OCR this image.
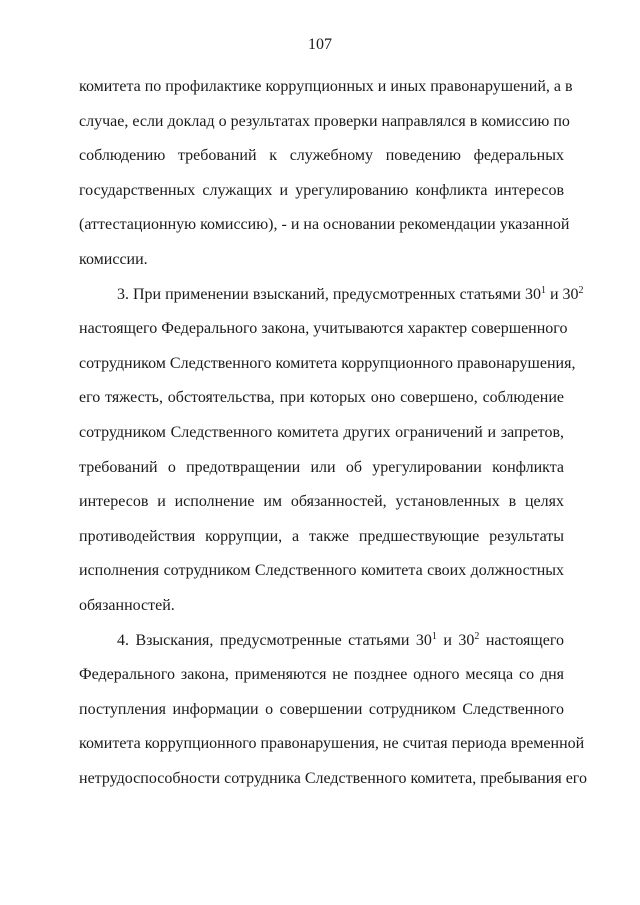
107
комитета по профилактике коррупционных и иных правонарушений, а в
случае, если доклад о результатах проверки направлялся в комиссию по
соблюдению требований к служебному поведению федеральных
государственных служащих и урегулированию конфликта интересов
(аттестационную комиссию), - и на основании рекомендации указанной
комиссии.
3. При применении взысканий, предусмотренных статьями $30^1$ и $30^2$
настоящего Федерального закона, учитываются характер совершенного
сотрудником Следственного комитета коррупционного правонарушения,
его тяжесть, обстоятельства, при которых оно совершено, соблюдение
сотрудником Следственного комитета других ограничений и запретов,
требований о предотвращении или об урегулировании конфликта
интересов и исполнение им обязанностей, установленных в целях
противодействия коррупции, а также предшествующие результаты
исполнения сотрудником Следственного комитета своих должностных
обязанностей.
4. Взыскания, предусмотренные статьями $30^1$ и $30^2$ настоящего
Федерального закона, применяются не позднее одного месяца со дня
поступления информации о совершении сотрудником Следственного
комитета коррупционного правонарушения, не считая периода временной
нетрудоспособности сотрудника Следственного комитета, пребывания его
